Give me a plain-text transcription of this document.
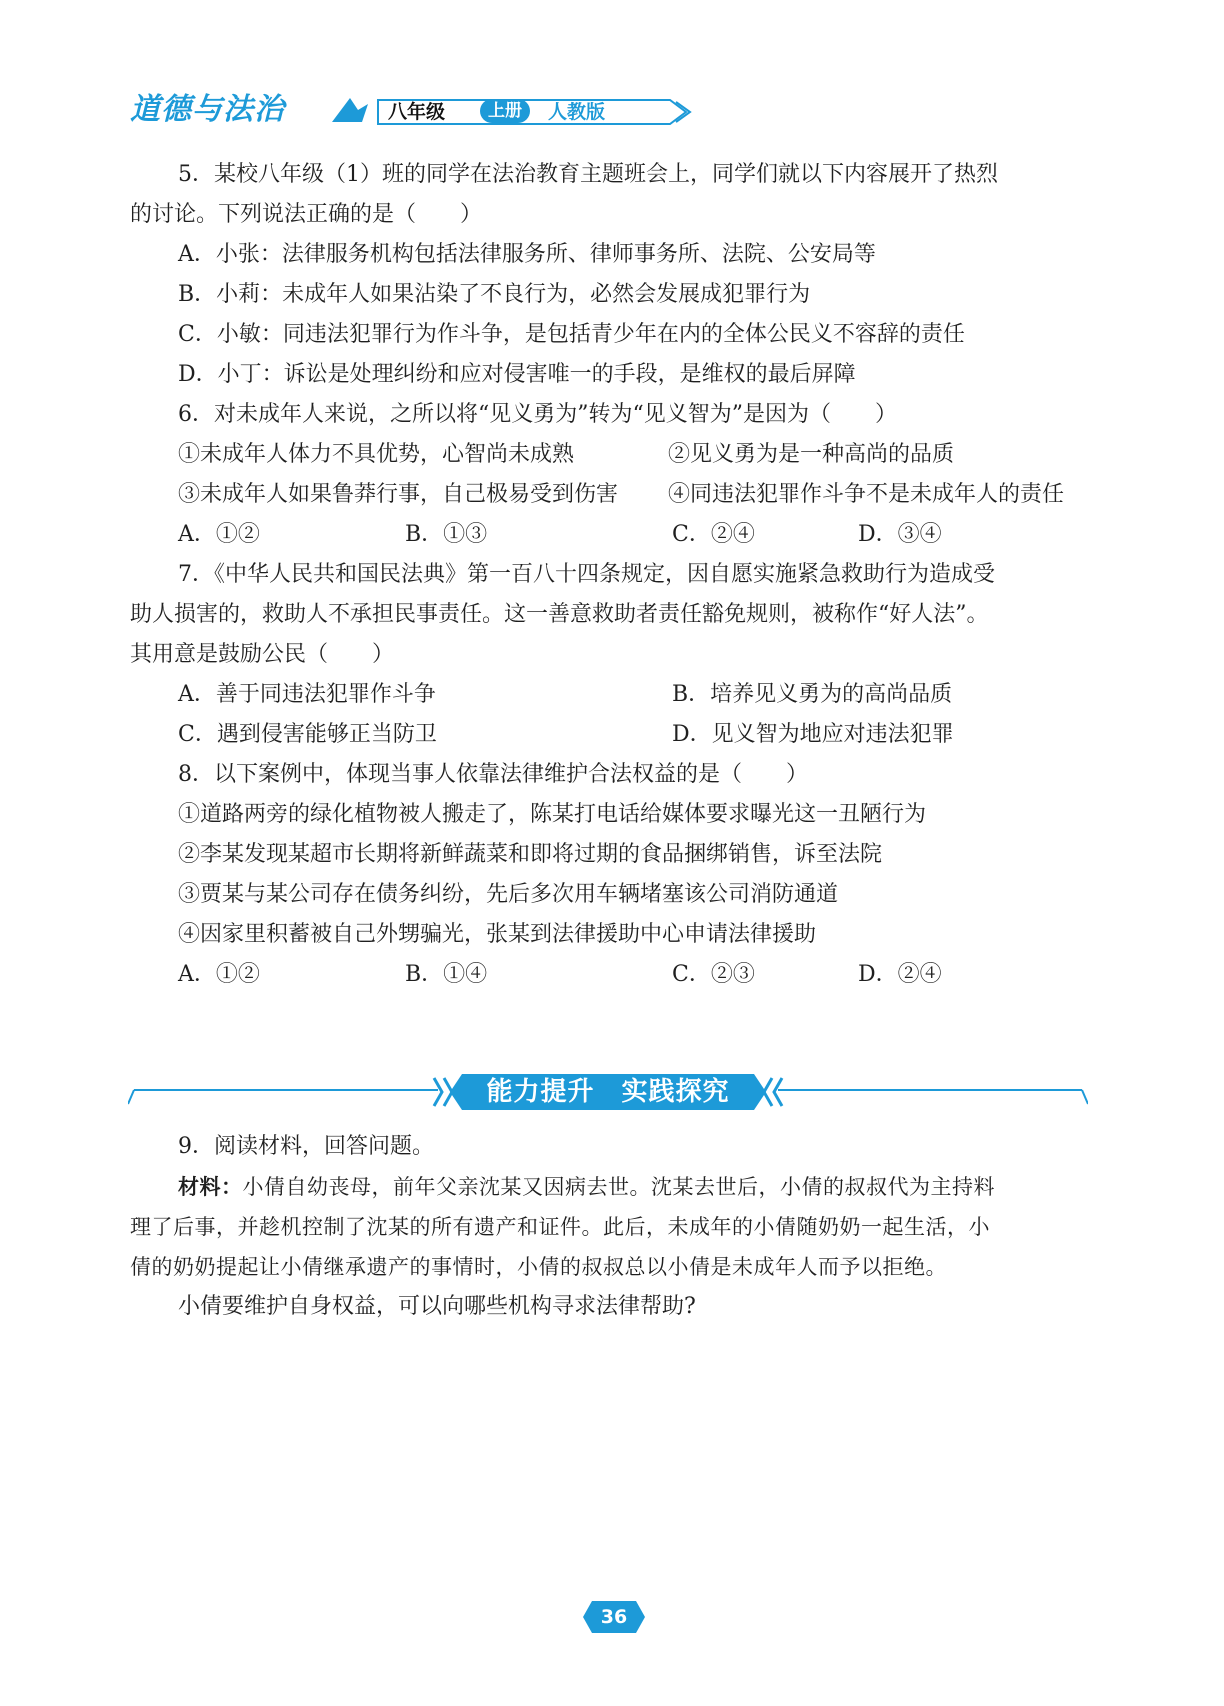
道德与法治	八年级	上册	人教版
5．某校八年级（1）班的同学在法治教育主题班会上，同学们就以下内容展开了热烈
的讨论。下列说法正确的是（　　）
A．小张：法律服务机构包括法律服务所、律师事务所、法院、公安局等
B．小莉：未成年人如果沾染了不良行为，必然会发展成犯罪行为
C．小敏：同违法犯罪行为作斗争，是包括青少年在内的全体公民义不容辞的责任
D．小丁：诉讼是处理纠纷和应对侵害唯一的手段，是维权的最后屏障
6．对未成年人来说，之所以将“见义勇为”转为“见义智为”是因为（　　）
①未成年人体力不具优势，心智尚未成熟	②见义勇为是一种高尚的品质
③未成年人如果鲁莽行事，自己极易受到伤害 ④同违法犯罪作斗争不是未成年人的责任
A．①②	B．①③	C．②④	D．③④
7．《中华人民共和国民法典》第一百八十四条规定，因自愿实施紧急救助行为造成受
助人损害的，救助人不承担民事责任。这一善意救助者责任豁免规则，被称作“好人法”。
其用意是鼓励公民（　　）
A．善于同违法犯罪作斗争	B．培养见义勇为的高尚品质
C．遇到侵害能够正当防卫	D．见义智为地应对违法犯罪
8．以下案例中，体现当事人依靠法律维护合法权益的是（　　）
①道路两旁的绿化植物被人搬走了，陈某打电话给媒体要求曝光这一丑陋行为
②李某发现某超市长期将新鲜蔬菜和即将过期的食品捆绑销售，诉至法院
③贾某与某公司存在债务纠纷，先后多次用车辆堵塞该公司消防通道
④因家里积蓄被自己外甥骗光，张某到法律援助中心申请法律援助
A．①②	B．①④	C．②③	D．②④
能力提升　实践探究
9．阅读材料，回答问题。
材料：小倩自幼丧母，前年父亲沈某又因病去世。沈某去世后，小倩的叔叔代为主持料
理了后事，并趁机控制了沈某的所有遗产和证件。此后，未成年的小倩随奶奶一起生活，小
倩的奶奶提起让小倩继承遗产的事情时，小倩的叔叔总以小倩是未成年人而予以拒绝。
小倩要维护自身权益，可以向哪些机构寻求法律帮助?
36
